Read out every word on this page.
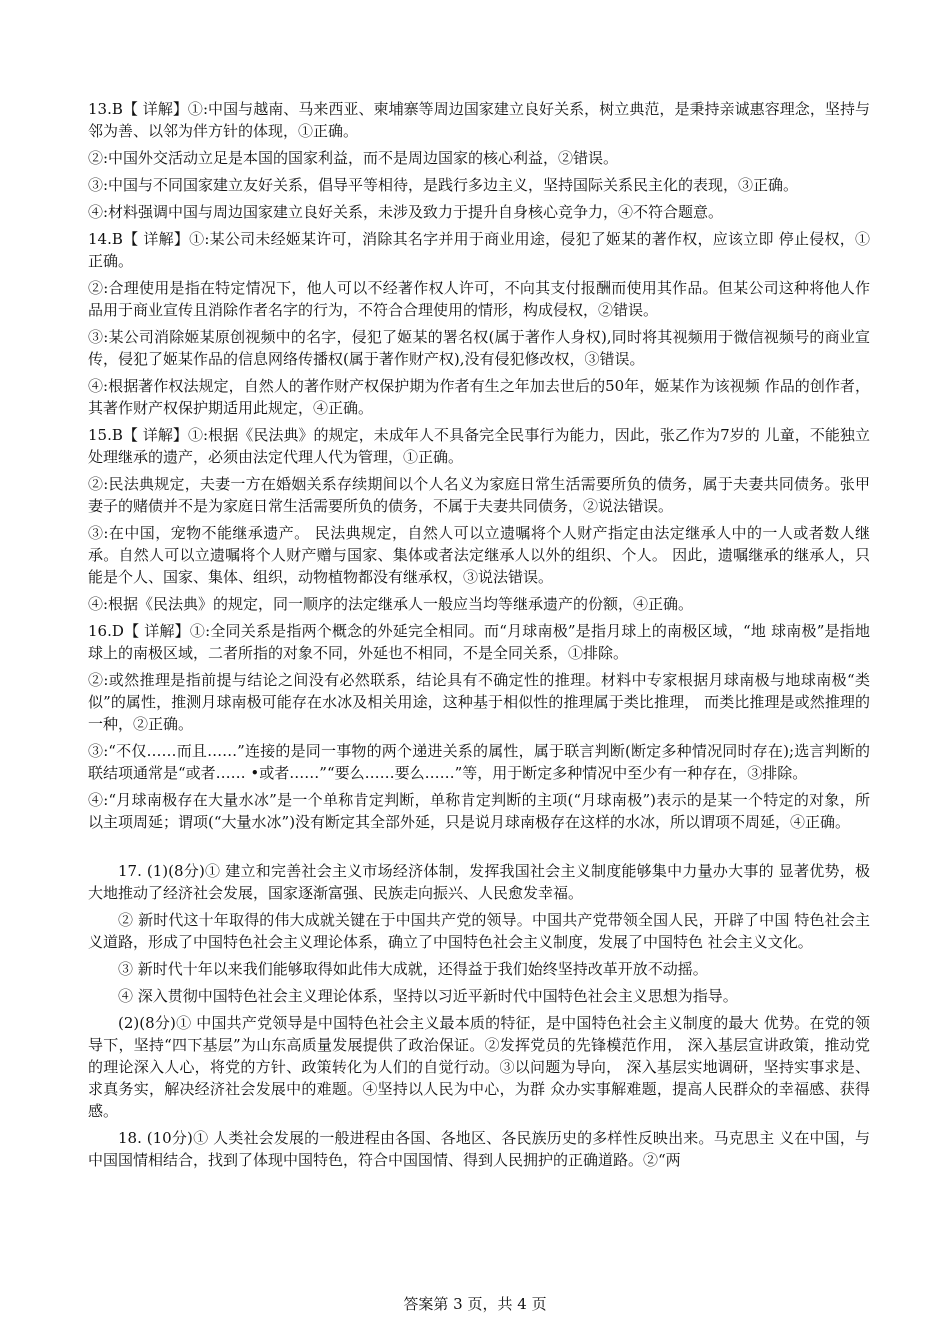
13.B【 详解】①:中国与越南、马来西亚、柬埔寨等周边国家建立良好关系，树立典范，是秉持亲诚惠容理念，坚持与邻为善、以邻为伴方针的体现，①正确。

②:中国外交活动立足是本国的国家利益，而不是周边国家的核心利益，②错误。

③:中国与不同国家建立友好关系，倡导平等相待，是践行多边主义，坚持国际关系民主化的表现，③正确。

④:材料强调中国与周边国家建立良好关系，未涉及致力于提升自身核心竞争力，④不符合题意。

14.B【 详解】①:某公司未经姬某许可，消除其名字并用于商业用途，侵犯了姬某的著作权，应该立即 停止侵权，①正确。

②:合理使用是指在特定情况下，他人可以不经著作权人许可，不向其支付报酬而使用其作品。但某公司这种将他人作品用于商业宣传且消除作者名字的行为，不符合合理使用的情形，构成侵权，②错误。

③:某公司消除姬某原创视频中的名字，侵犯了姬某的署名权(属于著作人身权),同时将其视频用于微信视频号的商业宣传，侵犯了姬某作品的信息网络传播权(属于著作财产权),没有侵犯修改权，③错误。

④:根据著作权法规定，自然人的著作财产权保护期为作者有生之年加去世后的50年，姬某作为该视频 作品的创作者，其著作财产权保护期适用此规定，④正确。

15.B【 详解】①:根据《民法典》的规定，未成年人不具备完全民事行为能力，因此，张乙作为7岁的 儿童，不能独立处理继承的遗产，必须由法定代理人代为管理，①正确。

②:民法典规定，夫妻一方在婚姻关系存续期间以个人名义为家庭日常生活需要所负的债务，属于夫妻共同债务。张甲妻子的赌债并不是为家庭日常生活需要所负的债务，不属于夫妻共同债务，②说法错误。

③:在中国，宠物不能继承遗产。 民法典规定，自然人可以立遗嘱将个人财产指定由法定继承人中的一人或者数人继承。自然人可以立遗嘱将个人财产赠与国家、集体或者法定继承人以外的组织、个人。 因此，遗嘱继承的继承人，只能是个人、国家、集体、组织，动物植物都没有继承权，③说法错误。

④:根据《民法典》的规定，同一顺序的法定继承人一般应当均等继承遗产的份额，④正确。

16.D【 详解】①:全同关系是指两个概念的外延完全相同。而“月球南极”是指月球上的南极区域，“地 球南极”是指地球上的南极区域，二者所指的对象不同，外延也不相同，不是全同关系，①排除。

②:或然推理是指前提与结论之间没有必然联系，结论具有不确定性的推理。材料中专家根据月球南极与地球南极“类似”的属性，推测月球南极可能存在水冰及相关用途，这种基于相似性的推理属于类比推理， 而类比推理是或然推理的一种，②正确。

③:“不仅……而且……”连接的是同一事物的两个递进关系的属性，属于联言判断(断定多种情况同时存在);选言判断的联结项通常是“或者…… •或者……”“要么……要么……”等，用于断定多种情况中至少有一种存在，③排除。

④:“月球南极存在大量水冰”是一个单称肯定判断，单称肯定判断的主项(“月球南极”)表示的是某一个特定的对象，所以主项周延；谓项(“大量水冰”)没有断定其全部外延，只是说月球南极存在这样的水冰，所以谓项不周延，④正确。

17. (1)(8分)① 建立和完善社会主义市场经济体制，发挥我国社会主义制度能够集中力量办大事的 显著优势，极大地推动了经济社会发展，国家逐渐富强、民族走向振兴、人民愈发幸福。

② 新时代这十年取得的伟大成就关键在于中国共产党的领导。中国共产党带领全国人民，开辟了中国 特色社会主义道路，形成了中国特色社会主义理论体系，确立了中国特色社会主义制度，发展了中国特色 社会主义文化。

③ 新时代十年以来我们能够取得如此伟大成就，还得益于我们始终坚持改革开放不动摇。

④ 深入贯彻中国特色社会主义理论体系，坚持以习近平新时代中国特色社会主义思想为指导。

(2)(8分)① 中国共产党领导是中国特色社会主义最本质的特征，是中国特色社会主义制度的最大 优势。在党的领导下，坚持“四下基层”为山东高质量发展提供了政治保证。②发挥党员的先锋模范作用， 深入基层宣讲政策，推动党的理论深入人心，将党的方针、政策转化为人们的自觉行动。③以问题为导向， 深入基层实地调研，坚持实事求是、求真务实，解决经济社会发展中的难题。④坚持以人民为中心，为群 众办实事解难题，提高人民群众的幸福感、获得感。

18. (10分)① 人类社会发展的一般进程由各国、各地区、各民族历史的多样性反映出来。马克思主 义在中国，与中国国情相结合，找到了体现中国特色，符合中国国情、得到人民拥护的正确道路。②“两

答案第 3 页，共 4 页
